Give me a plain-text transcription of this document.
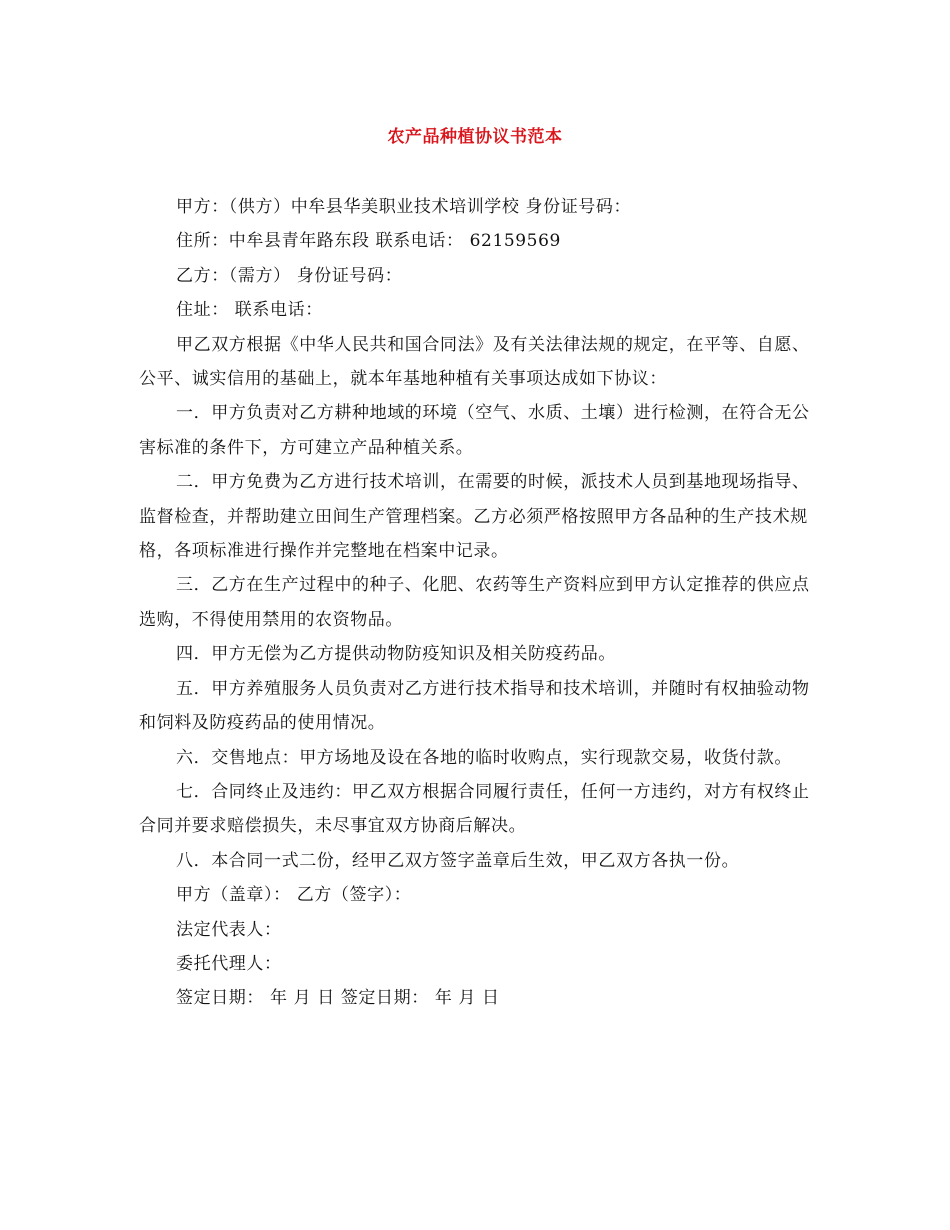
农产品种植协议书范本

甲方：（供方）中牟县华美职业技术培训学校 身份证号码：

住所：中牟县青年路东段 联系电话： 62159569

乙方：（需方） 身份证号码：

住址： 联系电话：

甲乙双方根据《中华人民共和国合同法》及有关法律法规的规定，在平等、自愿、公平、诚实信用的基础上，就本年基地种植有关事项达成如下协议：

一．甲方负责对乙方耕种地域的环境（空气、水质、土壤）进行检测，在符合无公害标准的条件下，方可建立产品种植关系。

二．甲方免费为乙方进行技术培训，在需要的时候，派技术人员到基地现场指导、监督检查，并帮助建立田间生产管理档案。乙方必须严格按照甲方各品种的生产技术规格，各项标准进行操作并完整地在档案中记录。

三．乙方在生产过程中的种子、化肥、农药等生产资料应到甲方认定推荐的供应点选购，不得使用禁用的农资物品。

四．甲方无偿为乙方提供动物防疫知识及相关防疫药品。

五．甲方养殖服务人员负责对乙方进行技术指导和技术培训，并随时有权抽验动物和饲料及防疫药品的使用情况。

六．交售地点：甲方场地及设在各地的临时收购点，实行现款交易，收货付款。

七．合同终止及违约：甲乙双方根据合同履行责任，任何一方违约，对方有权终止合同并要求赔偿损失，未尽事宜双方协商后解决。

八．本合同一式二份，经甲乙双方签字盖章后生效，甲乙双方各执一份。

甲方（盖章）： 乙方（签字）：
法定代表人：
委托代理人：
签定日期： 年 月 日 签定日期： 年 月 日
